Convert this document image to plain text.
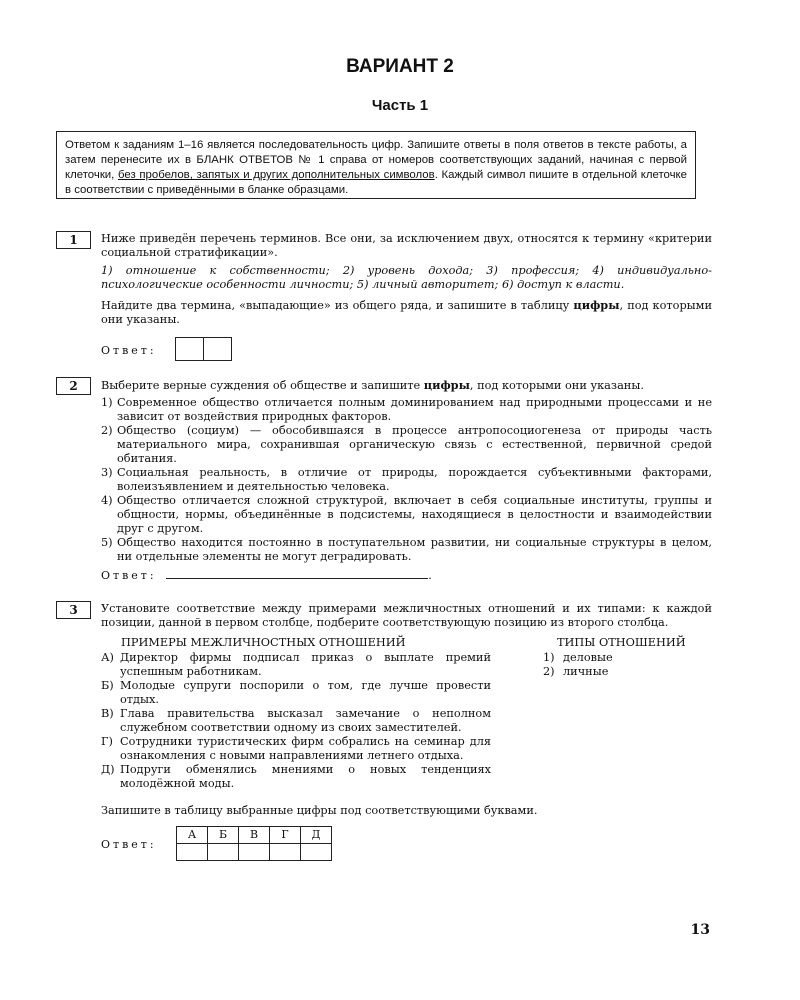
ВАРИАНТ 2
Часть 1
Ответом к заданиям 1–16 является последовательность цифр. Запишите ответы в поля ответов в тексте работы, а затем перенесите их в БЛАНК ОТВЕТОВ № 1 справа от номеров соответствующих заданий, начиная с первой клеточки, без пробелов, запятых и других дополнительных символов. Каждый символ пишите в отдельной клеточке в соответствии с приведёнными в бланке образцами.
1	Ниже приведён перечень терминов. Все они, за исключением двух, относятся к термину «критерии социальной стратификации».

1) отношение к собственности; 2) уровень дохода; 3) профессия; 4) индивидуально-психологические особенности личности; 5) личный авторитет; 6) доступ к власти.

Найдите два термина, «выпадающие» из общего ряда, и запишите в таблицу цифры, под которыми они указаны.

Ответ:
2	Выберите верные суждения об обществе и запишите цифры, под которыми они указаны.

1) Современное общество отличается полным доминированием над природными процессами и не зависит от воздействия природных факторов.
2) Общество (социум) — обособившаяся в процессе антропосоциогенеза от природы часть материального мира, сохранившая органическую связь с естественной, первичной средой обитания.
3) Социальная реальность, в отличие от природы, порождается субъективными факторами, волеизъявлением и деятельностью человека.
4) Общество отличается сложной структурой, включает в себя социальные институты, группы и общности, нормы, объединённые в подсистемы, находящиеся в целостности и взаимодействии друг с другом.
5) Общество находится постоянно в поступательном развитии, ни социальные структуры в целом, ни отдельные элементы не могут деградировать.
Ответ:	.
3	Установите соответствие между примерами межличностных отношений и их типами: к каждой позиции, данной в первом столбце, подберите соответствующую позицию из второго столбца.

ПРИМЕРЫ МЕЖЛИЧНОСТНЫХ ОТНОШЕНИЙ
А) Директор фирмы подписал приказ о выплате премий успешным работникам.
Б) Молодые супруги поспорили о том, где лучше провести отдых.
В) Глава правительства высказал замечание о неполном служебном соответствии одному из своих заместителей.
Г) Сотрудники туристических фирм собрались на семинар для ознакомления с новыми направлениями летнего отдыха.
Д) Подруги обменялись мнениями о новых тенденциях молодёжной моды.
ТИПЫ ОТНОШЕНИЙ
1) деловые
2) личные

Запишите в таблицу выбранные цифры под соответствующими буквами.

Ответ:
А	Б	В	Г	Д

13
